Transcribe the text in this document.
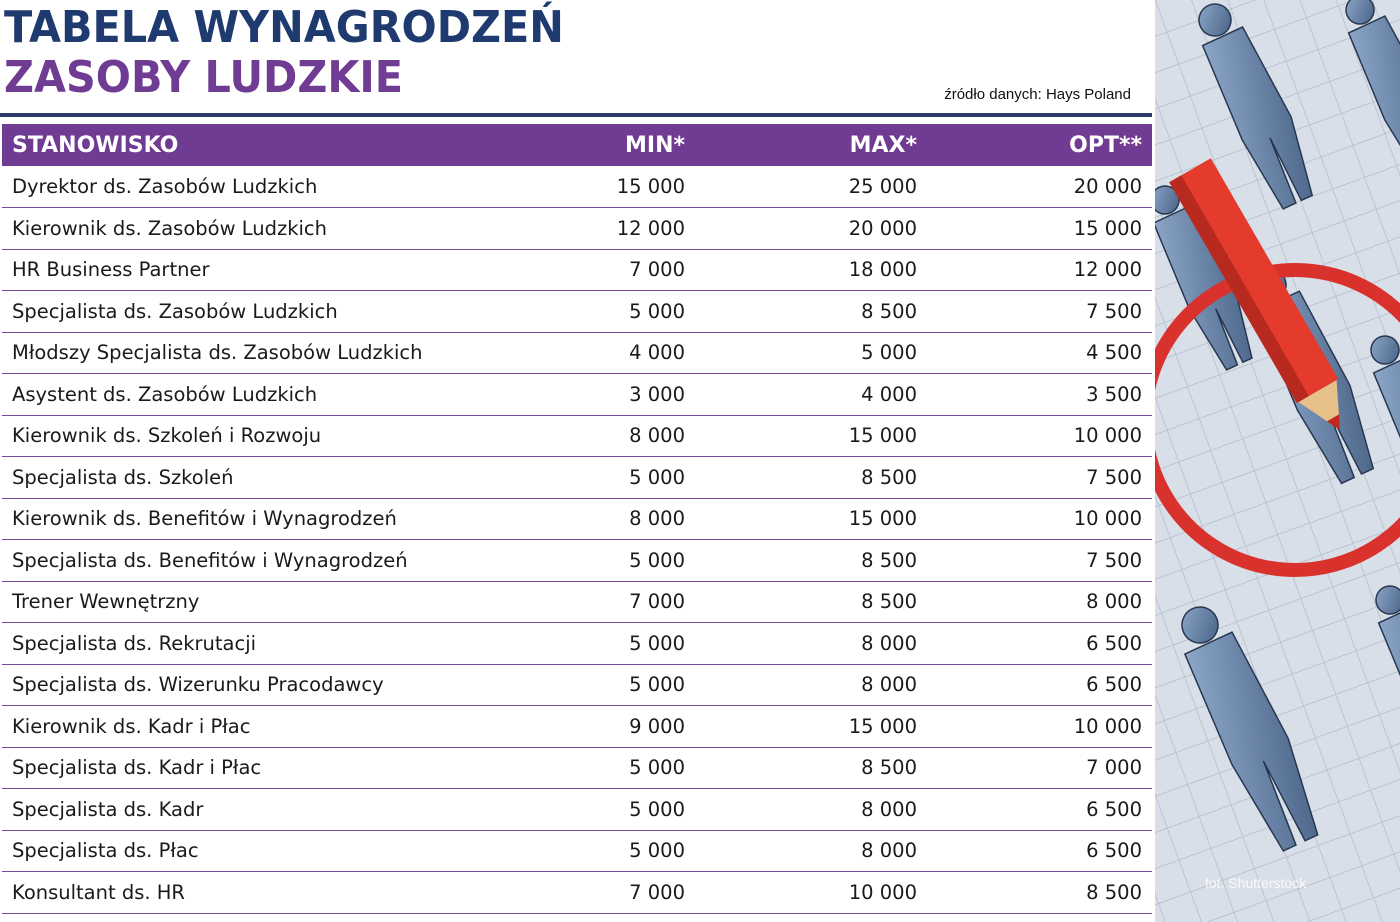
TABELA WYNAGRODZEŃ
ZASOBY LUDZKIE	źródło danych: Hays Poland
STANOWISKO	MIN*	MAX*	OPT**
Dyrektor ds. Zasobów Ludzkich	15 000	25 000	20 000
Kierownik ds. Zasobów Ludzkich	12 000	20 000	15 000
HR Business Partner	7 000	18 000	12 000
Specjalista ds. Zasobów Ludzkich	5 000	8 500	7 500
Młodszy Specjalista ds. Zasobów Ludzkich	4 000	5 000	4 500
Asystent ds. Zasobów Ludzkich	3 000	4 000	3 500
Kierownik ds. Szkoleń i Rozwoju	8 000	15 000	10 000
Specjalista ds. Szkoleń	5 000	8 500	7 500
Kierownik ds. Benefitów i Wynagrodzeń	8 000	15 000	10 000
Specjalista ds. Benefitów i Wynagrodzeń	5 000	8 500	7 500
Trener Wewnętrzny	7 000	8 500	8 000
Specjalista ds. Rekrutacji	5 000	8 000	6 500
Specjalista ds. Wizerunku Pracodawcy	5 000	8 000	6 500
Kierownik ds. Kadr i Płac	9 000	15 000	10 000
Specjalista ds. Kadr i Płac	5 000	8 500	7 000
Specjalista ds. Kadr	5 000	8 000	6 500
Specjalista ds. Płac	5 000	8 000	6 500
Konsultant ds. HR	7 000	10 000	8 500	fot. Shutterstock
